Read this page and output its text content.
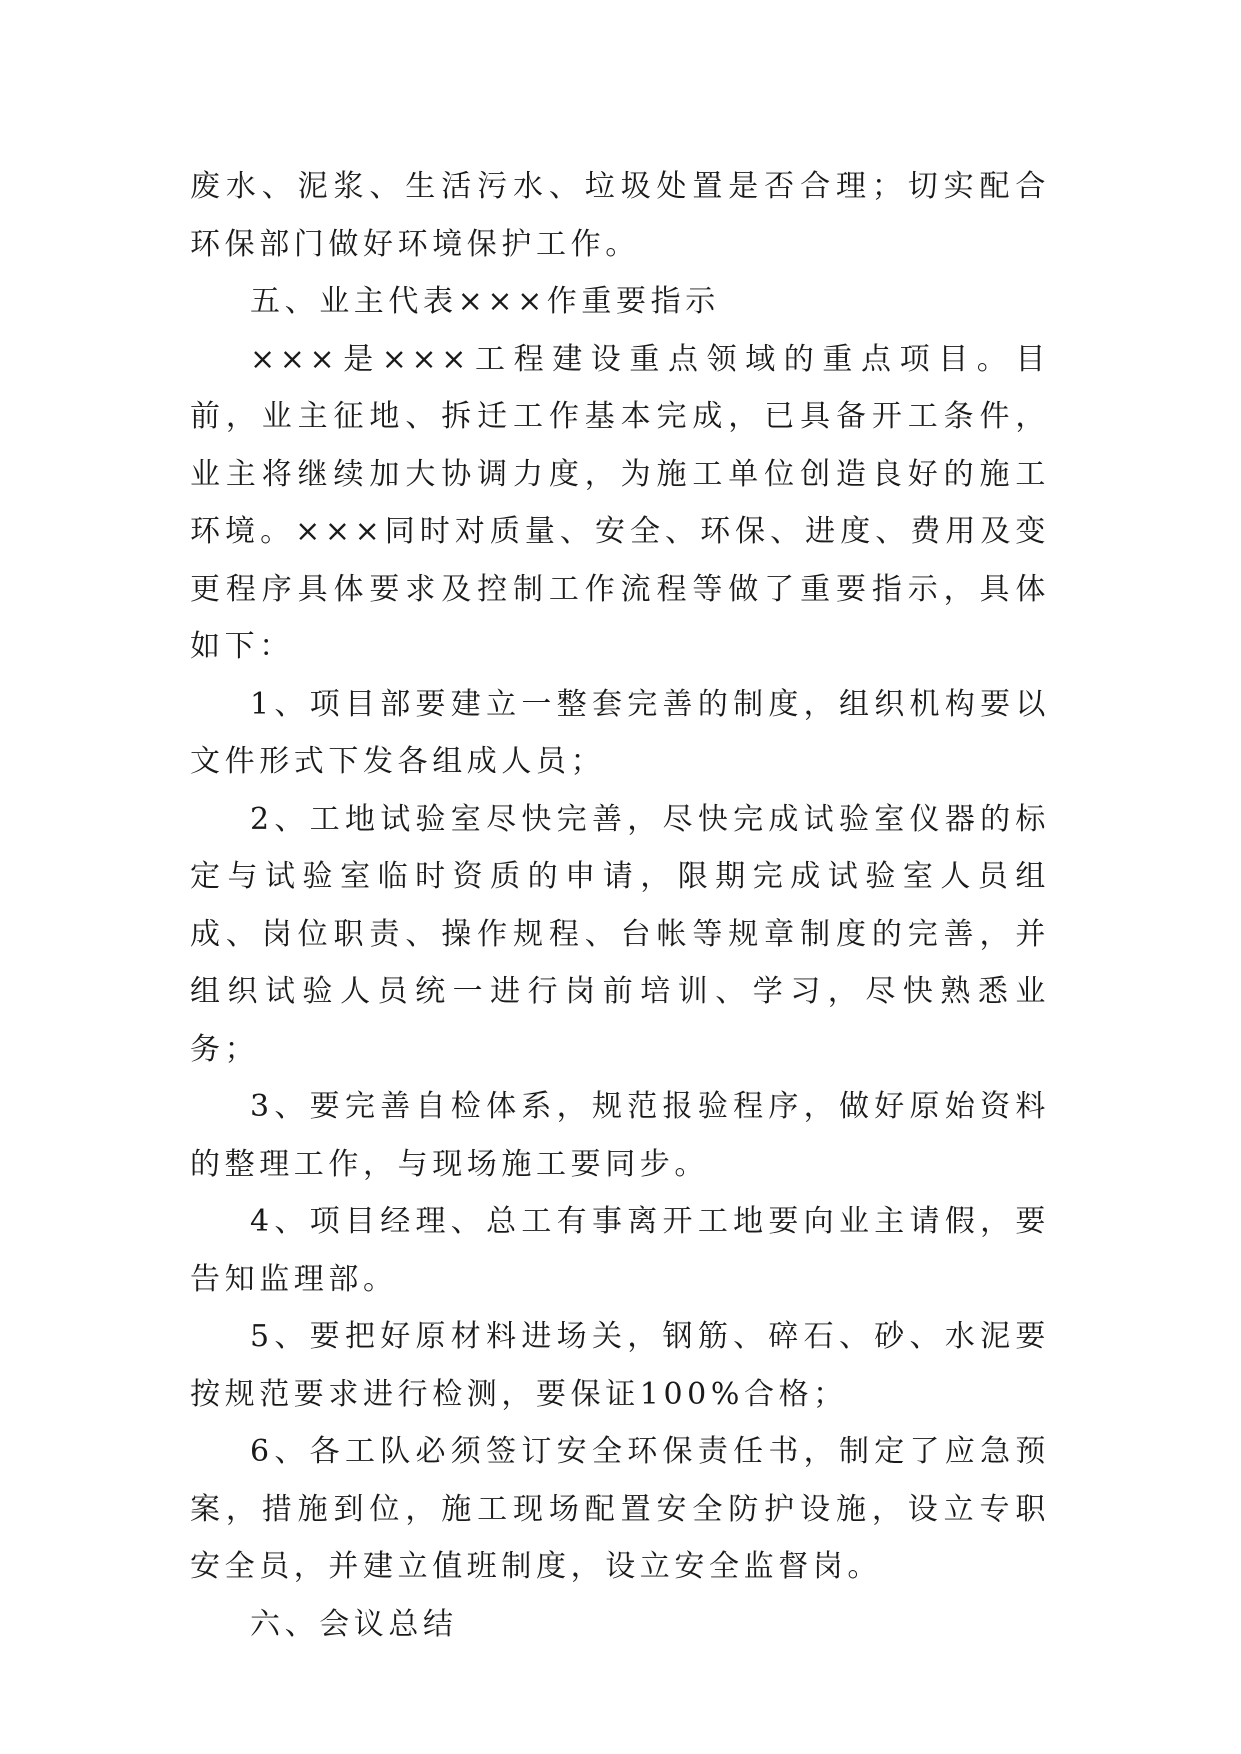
废水、泥浆、生活污水、垃圾处置是否合理；切实配合环保部门做好环境保护工作。

五、业主代表×××作重要指示

×××是×××工程建设重点领域的重点项目。目前，业主征地、拆迁工作基本完成，已具备开工条件，业主将继续加大协调力度，为施工单位创造良好的施工环境。×××同时对质量、安全、环保、进度、费用及变更程序具体要求及控制工作流程等做了重要指示，具体如下：

1、项目部要建立一整套完善的制度，组织机构要以文件形式下发各组成人员；

2、工地试验室尽快完善，尽快完成试验室仪器的标定与试验室临时资质的申请，限期完成试验室人员组成、岗位职责、操作规程、台帐等规章制度的完善，并组织试验人员统一进行岗前培训、学习，尽快熟悉业务；

3、要完善自检体系，规范报验程序，做好原始资料的整理工作，与现场施工要同步。

4、项目经理、总工有事离开工地要向业主请假，要告知监理部。

5、要把好原材料进场关，钢筋、碎石、砂、水泥要按规范要求进行检测，要保证100%合格；

6、各工队必须签订安全环保责任书，制定了应急预案，措施到位，施工现场配置安全防护设施，设立专职安全员，并建立值班制度，设立安全监督岗。

六、会议总结
